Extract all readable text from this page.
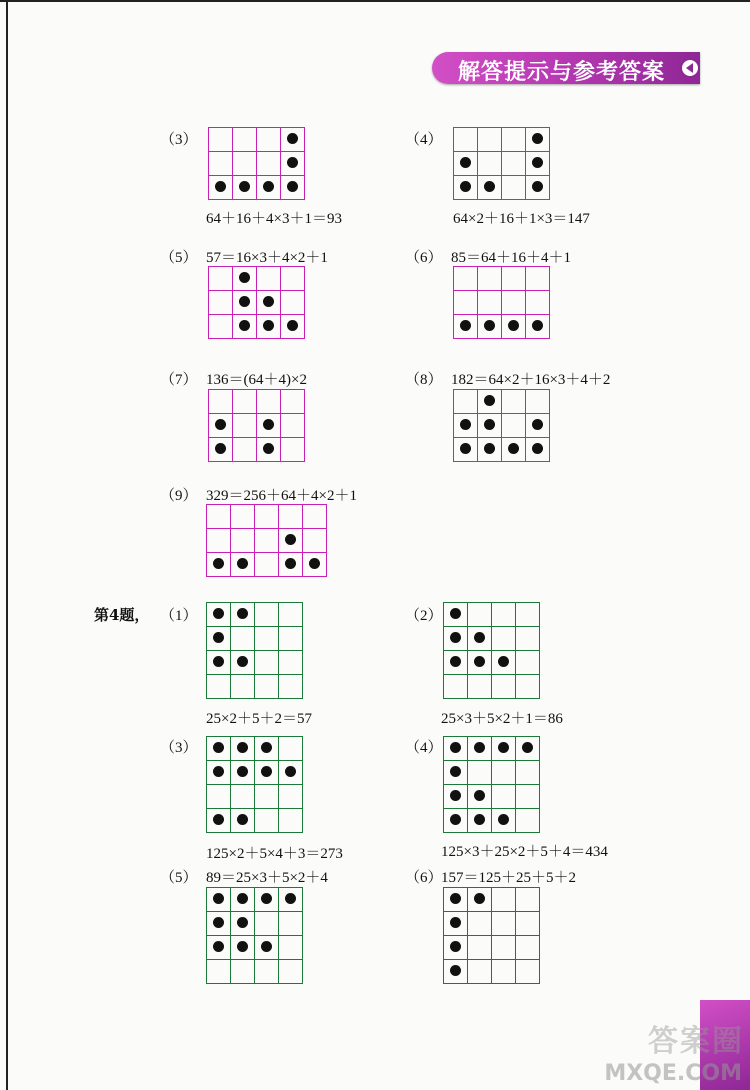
解答提示与参考答案
第4题，
（3）
64＋16＋4×3＋1＝93

（4）
64×2＋16＋1×3＝147

（5） 57＝16×3＋4×2＋1

				（6） 85＝64＋16＋4＋1

（7） 136＝(64＋4)×2

				（8） 182＝64×2＋16×3＋4＋2

（9） 329＝256＋64＋4×2＋1

（1）
25×2＋5＋2＝57

（2）
25×3＋5×2＋1＝86

（3）
125×2＋5×4＋3＝273

（4）
125×3＋25×2＋5＋4＝434

（5） 89＝25×3＋5×2＋4

				（6）
157＝125＋25＋5＋2

答案圈
MXQE.COM
